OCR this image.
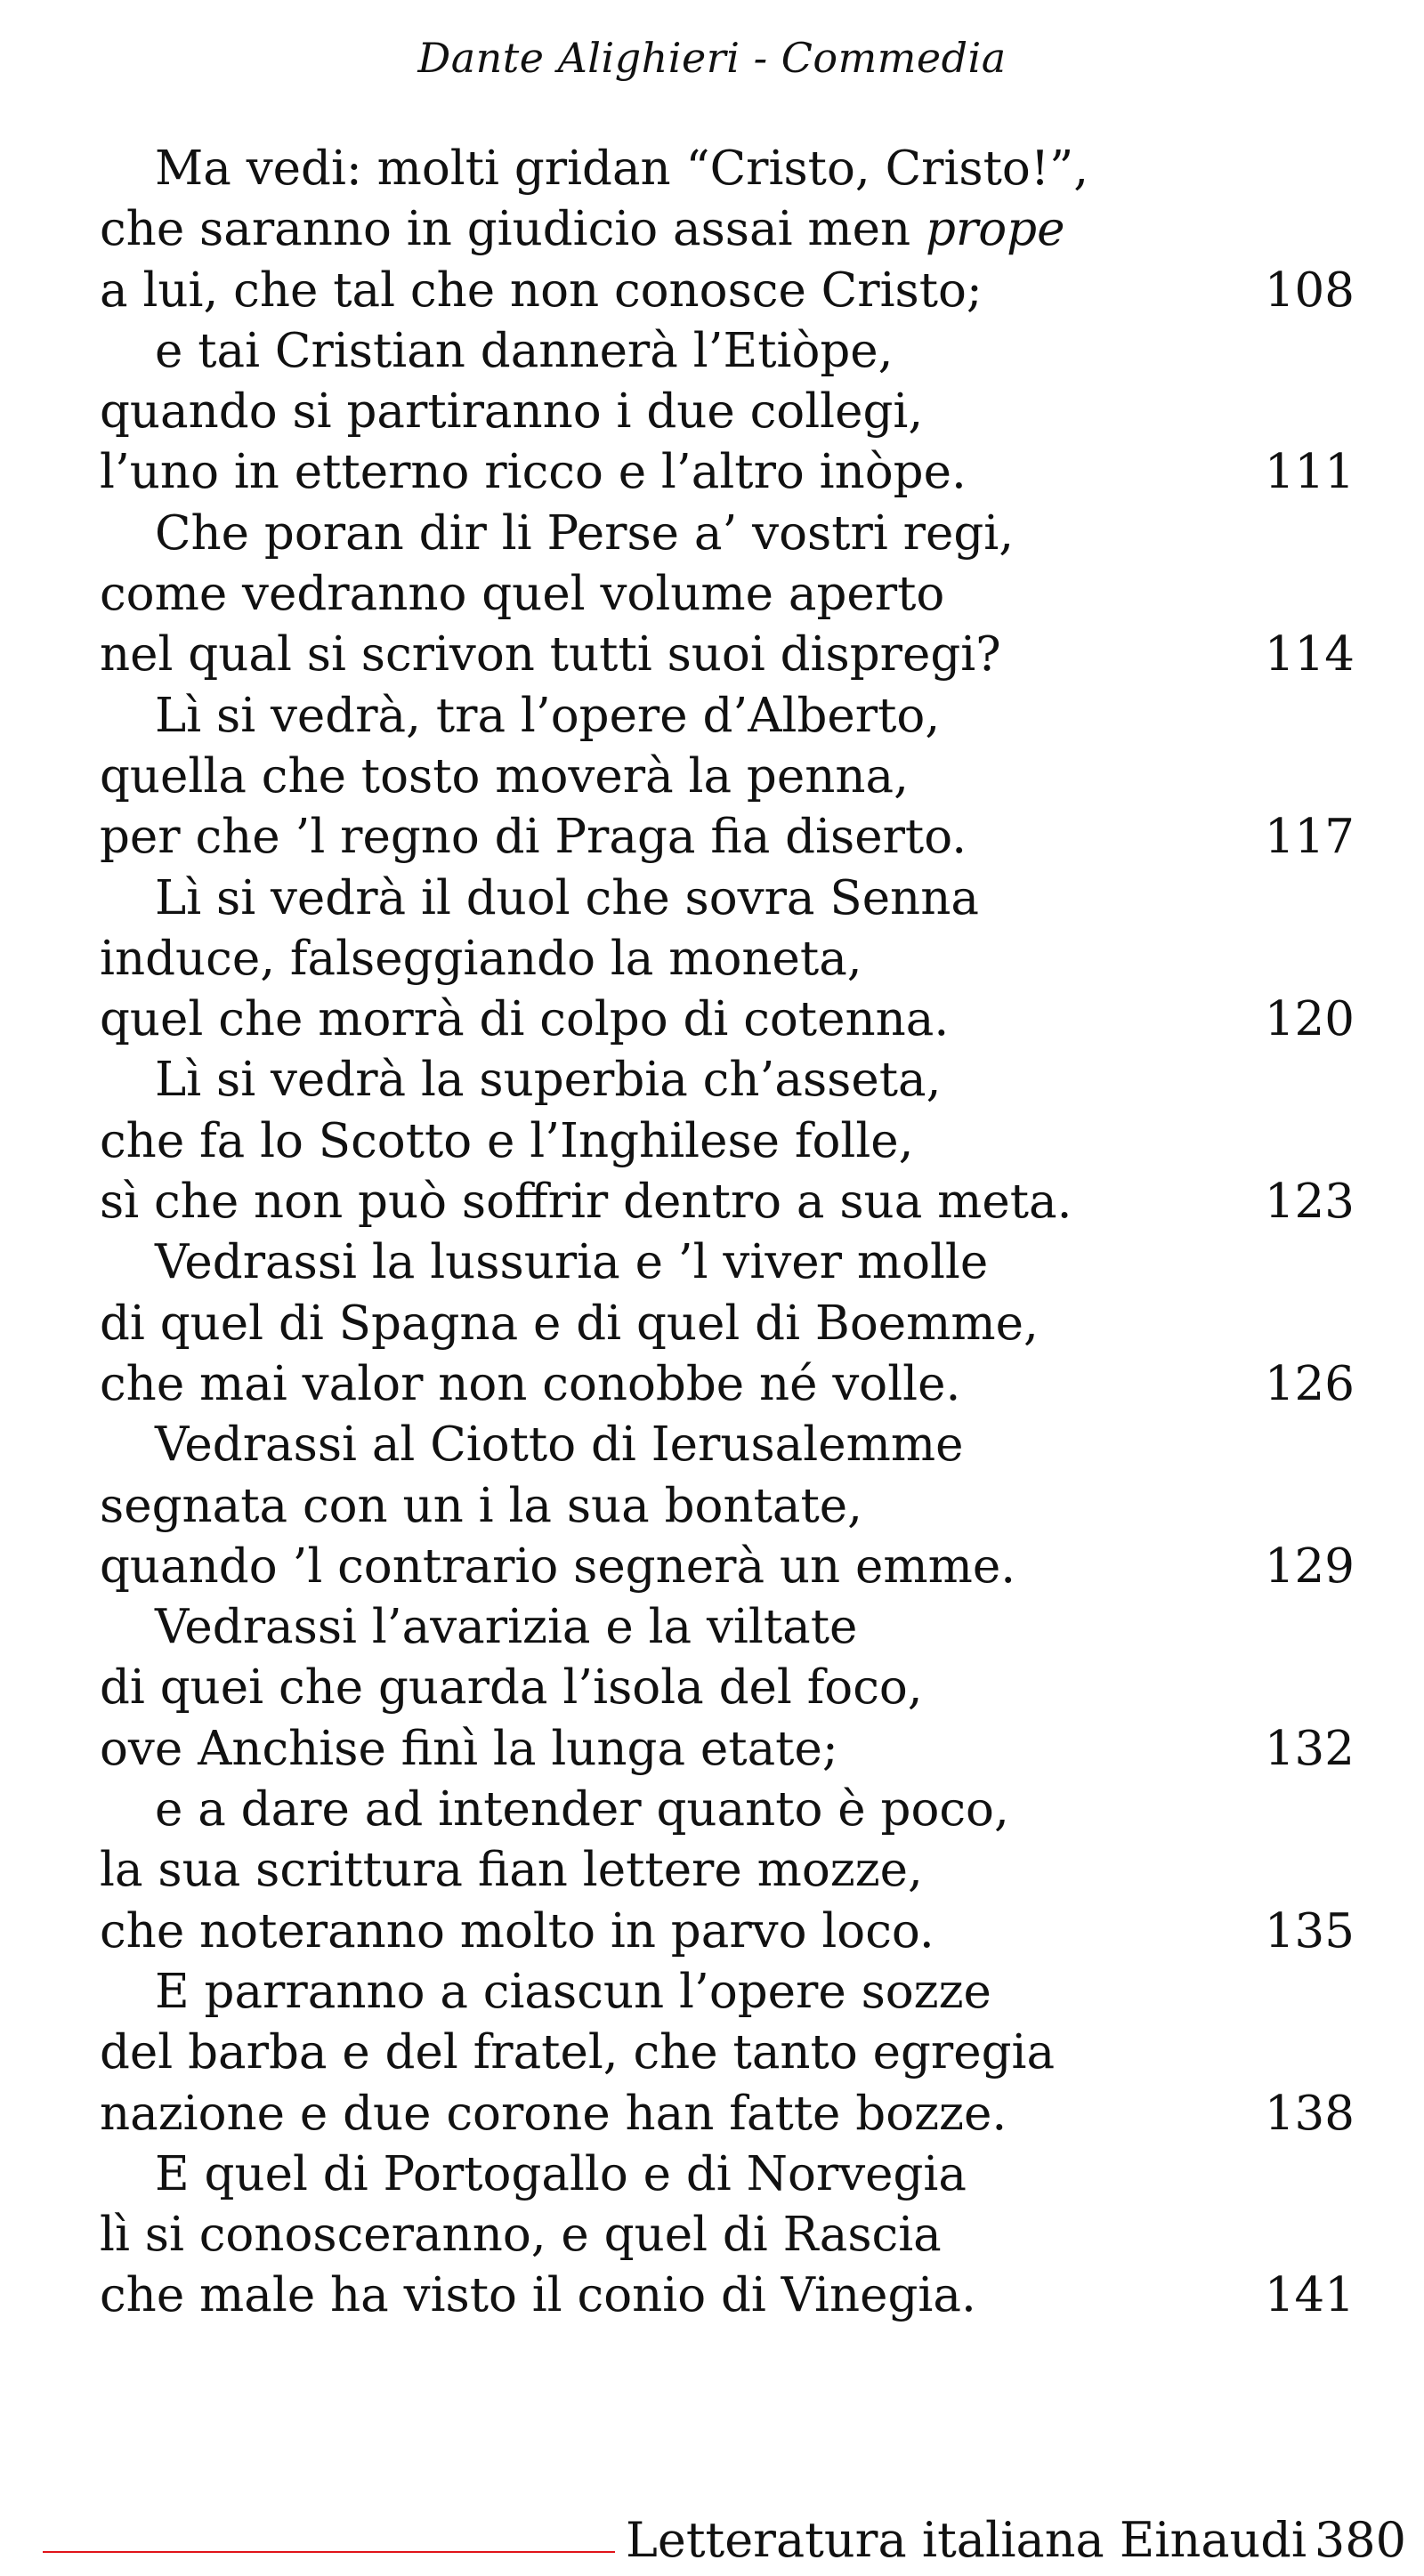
Dante Alighieri - Commedia
Ma vedi: molti gridan “Cristo, Cristo!”,
che saranno in giudicio assai men prope
a lui, che tal che non conosce Cristo;	108
e tai Cristian dannerà l’Etiòpe,
quando si partiranno i due collegi,
l’uno in etterno ricco e l’altro inòpe.	111
Che poran dir li Perse a’ vostri regi,
come vedranno quel volume aperto
nel qual si scrivon tutti suoi dispregi?	114
Lì si vedrà, tra l’opere d’Alberto,
quella che tosto moverà la penna,
per che ’l regno di Praga fia diserto.	117
Lì si vedrà il duol che sovra Senna
induce, falseggiando la moneta,
quel che morrà di colpo di cotenna.	120
Lì si vedrà la superbia ch’asseta,
che fa lo Scotto e l’Inghilese folle,
sì che non può soffrir dentro a sua meta.	123
Vedrassi la lussuria e ’l viver molle
di quel di Spagna e di quel di Boemme,
che mai valor non conobbe né volle.	126
Vedrassi al Ciotto di Ierusalemme
segnata con un i la sua bontate,
quando ’l contrario segnerà un emme.	129
Vedrassi l’avarizia e la viltate
di quei che guarda l’isola del foco,
ove Anchise finì la lunga etate;	132
e a dare ad intender quanto è poco,
la sua scrittura fian lettere mozze,
che noteranno molto in parvo loco.	135
E parranno a ciascun l’opere sozze
del barba e del fratel, che tanto egregia
nazione e due corone han fatte bozze.	138
E quel di Portogallo e di Norvegia
lì si conosceranno, e quel di Rascia
che male ha visto il conio di Vinegia.	141
Letteratura italiana Einaudi 380
